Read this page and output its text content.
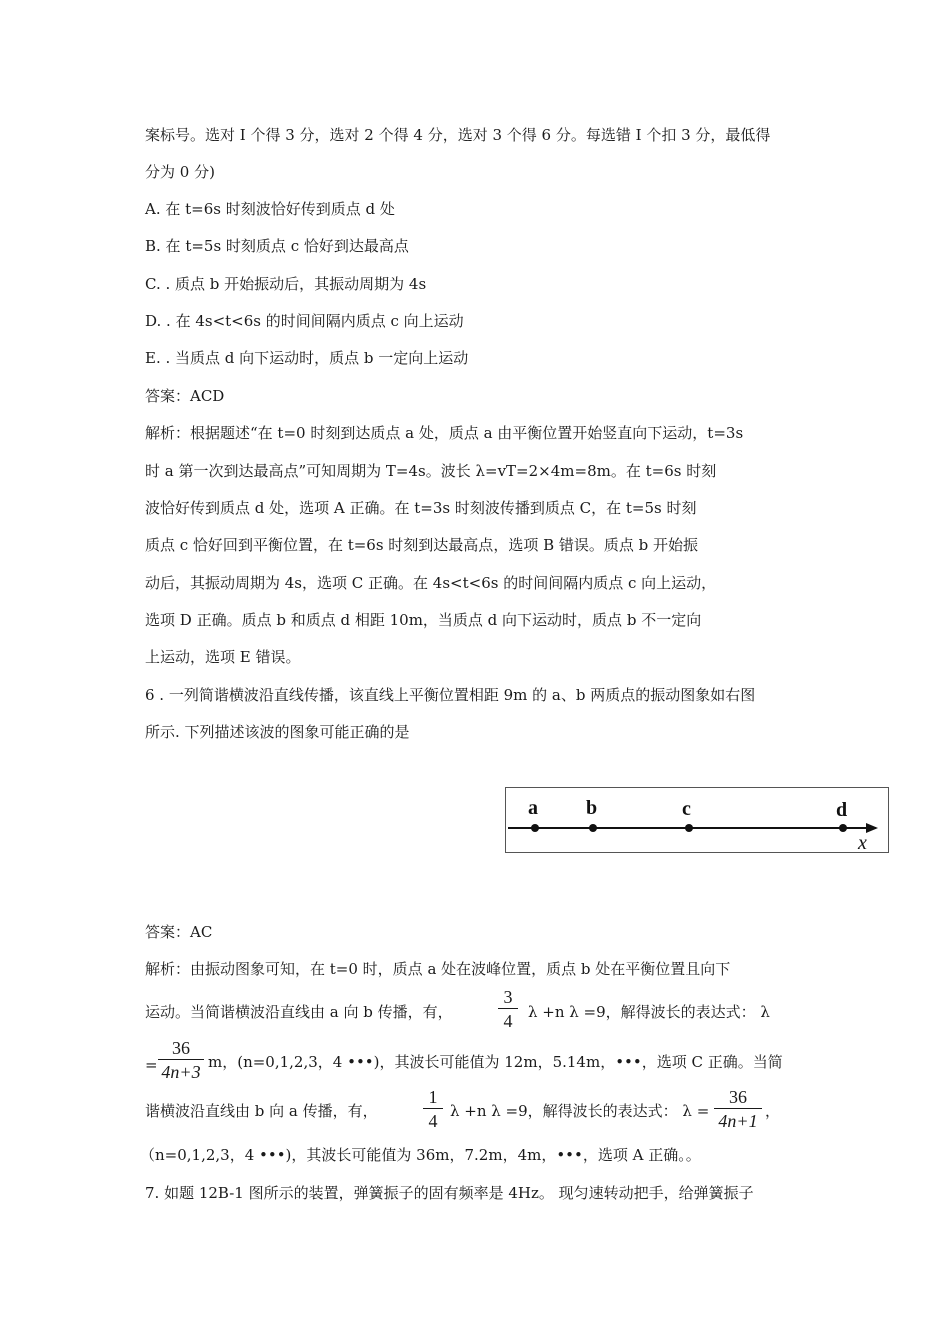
案标号。选对 I 个得 3 分，选对 2 个得 4 分，选对 3 个得 6 分。每选错 I 个扣 3 分，最低得
分为 0 分)
A. 在 t=6s 时刻波恰好传到质点 d 处
B. 在 t=5s 时刻质点 c 恰好到达最高点
C. . 质点 b 开始振动后，其振动周期为 4s
D. . 在 4s<t<6s 的时间间隔内质点 c 向上运动
E. . 当质点 d 向下运动时，质点 b 一定向上运动
答案：ACD
解析：根据题述“在 t=0 时刻到达质点 a 处，质点 a 由平衡位置开始竖直向下运动，t=3s
时 a 第一次到达最高点”可知周期为 T=4s。波长 λ=vT=2×4m=8m。在 t=6s 时刻
波恰好传到质点 d 处，选项 A 正确。在 t=3s 时刻波传播到质点 C，在 t=5s 时刻
质点 c 恰好回到平衡位置，在 t=6s 时刻到达最高点，选项 B 错误。质点 b 开始振
动后，其振动周期为 4s，选项 C 正确。在 4s<t<6s 的时间间隔内质点 c 向上运动，
选项 D 正确。质点 b 和质点 d 相距 10m，当质点 d 向下运动时，质点 b 不一定向
上运动，选项 E 错误。
6 . 一列简谐横波沿直线传播，该直线上平衡位置相距 9m 的 a、b 两质点的振动图象如右图
所示. 下列描述该波的图象可能正确的是
a b	c	d
x
答案：AC
解析：由振动图象可知，在 t=0 时，质点 a 处在波峰位置，质点 b 处在平衡位置且向下
运动。当简谐横波沿直线由 a 向 b 传播，有，
3
4	λ +n λ =9，解得波长的表达式： λ
=
36
4n+3 m，(n=0,1,2,3，4 •••)，其波长可能值为 12m，5.14m，•••，选项 C 正确。当简
谐横波沿直线由 b 向 a 传播，有，
1
4 λ +n λ =9，解得波长的表达式： λ =
36
4n+1 ，
（n=0,1,2,3，4 •••)，其波长可能值为 36m，7.2m，4m，•••，选项 A 正确。。
7. 如题 12B-1 图所示的装置，弹簧振子的固有频率是 4Hz。 现匀速转动把手，给弹簧振子
